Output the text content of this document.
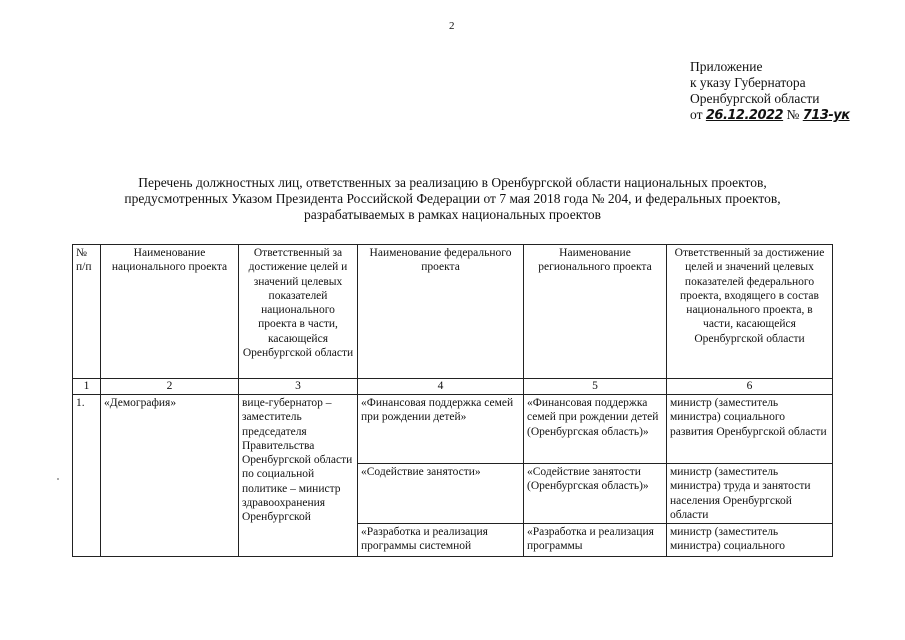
2
Приложение
к указу Губернатора
Оренбургской области
от 26.12.2022 № 713-ук
Перечень должностных лиц, ответственных за реализацию в Оренбургской области национальных проектов,
предусмотренных Указом Президента Российской Федерации от 7 мая 2018 года № 204, и федеральных проектов,
разрабатываемых в рамках национальных проектов
№ п/п	Наименование национального проекта	Ответственный за достижение целей и значений целевых показателей национального проекта в части, касающейся Оренбургской области	Наименование федерального проекта	Наименование регионального проекта	Ответственный за достижение целей и значений целевых показателей федерального проекта, входящего в состав национального проекта, в части, касающейся Оренбургской области
1	2	3	4	5	6
1.	«Демография»	вице-губернатор – заместитель председателя Правительства Оренбургской области по социальной политике – министр здравоохранения Оренбургской	«Финансовая поддержка семей при рождении детей»	«Финансовая поддержка семей при рождении детей (Оренбургская область)»	министр (заместитель министра) социального развития Оренбургской области
			«Содействие занятости»	«Содействие занятости (Оренбургская область)»	министр (заместитель министра) труда и занятости населения Оренбургской области
			«Разработка и реализация программы системной	«Разработка и реализация программы	министр (заместитель министра) социального
